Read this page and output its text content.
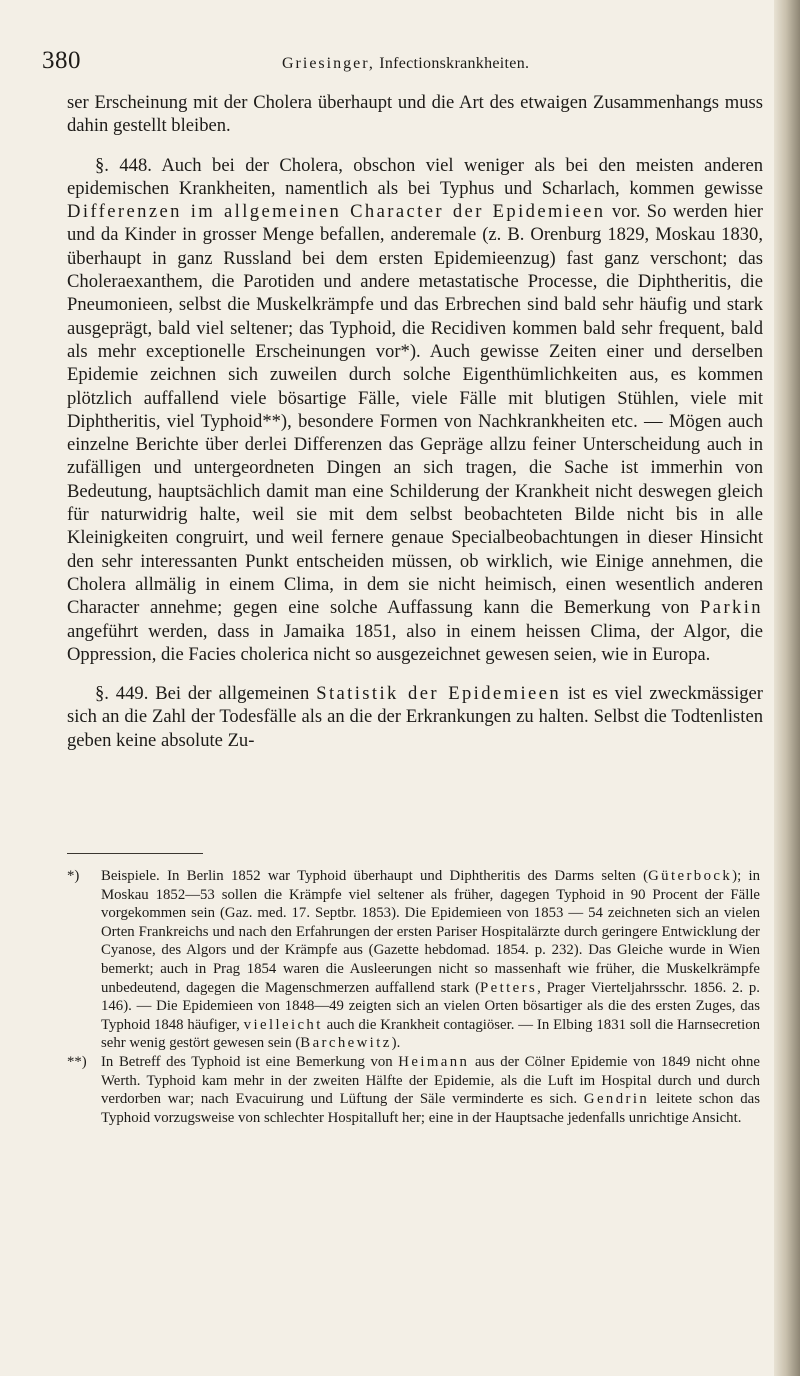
380	Griesinger, Infectionskrankheiten.

ser Erscheinung mit der Cholera überhaupt und die Art des etwaigen Zusammenhangs muss dahin gestellt bleiben.

§. 448. Auch bei der Cholera, obschon viel weniger als bei den meisten anderen epidemischen Krankheiten, namentlich als bei Typhus und Scharlach, kommen gewisse Differenzen im allgemeinen Character der Epidemieen vor. So werden hier und da Kinder in grosser Menge befallen, anderemale (z. B. Orenburg 1829, Moskau 1830, überhaupt in ganz Russland bei dem ersten Epidemieenzug) fast ganz verschont; das Choleraexanthem, die Parotiden und andere metastatische Processe, die Diphtheritis, die Pneumonieen, selbst die Muskelkrämpfe und das Erbrechen sind bald sehr häufig und stark ausgeprägt, bald viel seltener; das Typhoid, die Recidiven kommen bald sehr frequent, bald als mehr exceptionelle Erscheinungen vor*). Auch gewisse Zeiten einer und derselben Epidemie zeichnen sich zuweilen durch solche Eigenthümlichkeiten aus, es kommen plötzlich auffallend viele bösartige Fälle, viele Fälle mit blutigen Stühlen, viele mit Diphtheritis, viel Typhoid**), besondere Formen von Nachkrankheiten etc. — Mögen auch einzelne Berichte über derlei Differenzen das Gepräge allzu feiner Unterscheidung auch in zufälligen und untergeordneten Dingen an sich tragen, die Sache ist immerhin von Bedeutung, hauptsächlich damit man eine Schilderung der Krankheit nicht deswegen gleich für naturwidrig halte, weil sie mit dem selbst beobachteten Bilde nicht bis in alle Kleinigkeiten congruirt, und weil fernere genaue Specialbeobachtungen in dieser Hinsicht den sehr interessanten Punkt entscheiden müssen, ob wirklich, wie Einige annehmen, die Cholera allmälig in einem Clima, in dem sie nicht heimisch, einen wesentlich anderen Character annehme; gegen eine solche Auffassung kann die Bemerkung von Parkin angeführt werden, dass in Jamaika 1851, also in einem heissen Clima, der Algor, die Oppression, die Facies cholerica nicht so ausgezeichnet gewesen seien, wie in Europa.

§. 449. Bei der allgemeinen Statistik der Epidemieen ist es viel zweckmässiger sich an die Zahl der Todesfälle als an die der Erkrankungen zu halten. Selbst die Todtenlisten geben keine absolute Zu-

*) Beispiele. In Berlin 1852 war Typhoid überhaupt und Diphtheritis des Darms selten (Güterbock); in Moskau 1852—53 sollen die Krämpfe viel seltener als früher, dagegen Typhoid in 90 Procent der Fälle vorgekommen sein (Gaz. med. 17. Septbr. 1853). Die Epidemieen von 1853 — 54 zeichneten sich an vielen Orten Frankreichs und nach den Erfahrungen der ersten Pariser Hospitalärzte durch geringere Entwicklung der Cyanose, des Algors und der Krämpfe aus (Gazette hebdomad. 1854. p. 232). Das Gleiche wurde in Wien bemerkt; auch in Prag 1854 waren die Ausleerungen nicht so massenhaft wie früher, die Muskelkrämpfe unbedeutend, dagegen die Magenschmerzen auffallend stark (Petters, Prager Vierteljahrsschr. 1856. 2. p. 146). — Die Epidemieen von 1848—49 zeigten sich an vielen Orten bösartiger als die des ersten Zuges, das Typhoid 1848 häufiger, vielleicht auch die Krankheit contagiöser. — In Elbing 1831 soll die Harnsecretion sehr wenig gestört gewesen sein (Barchewitz).

**) In Betreff des Typhoid ist eine Bemerkung von Heimann aus der Cölner Epidemie von 1849 nicht ohne Werth. Typhoid kam mehr in der zweiten Hälfte der Epidemie, als die Luft im Hospital durch und durch verdorben war; nach Evacuirung und Lüftung der Säle verminderte es sich. Gendrin leitete schon das Typhoid vorzugsweise von schlechter Hospitalluft her; eine in der Hauptsache jedenfalls unrichtige Ansicht.
